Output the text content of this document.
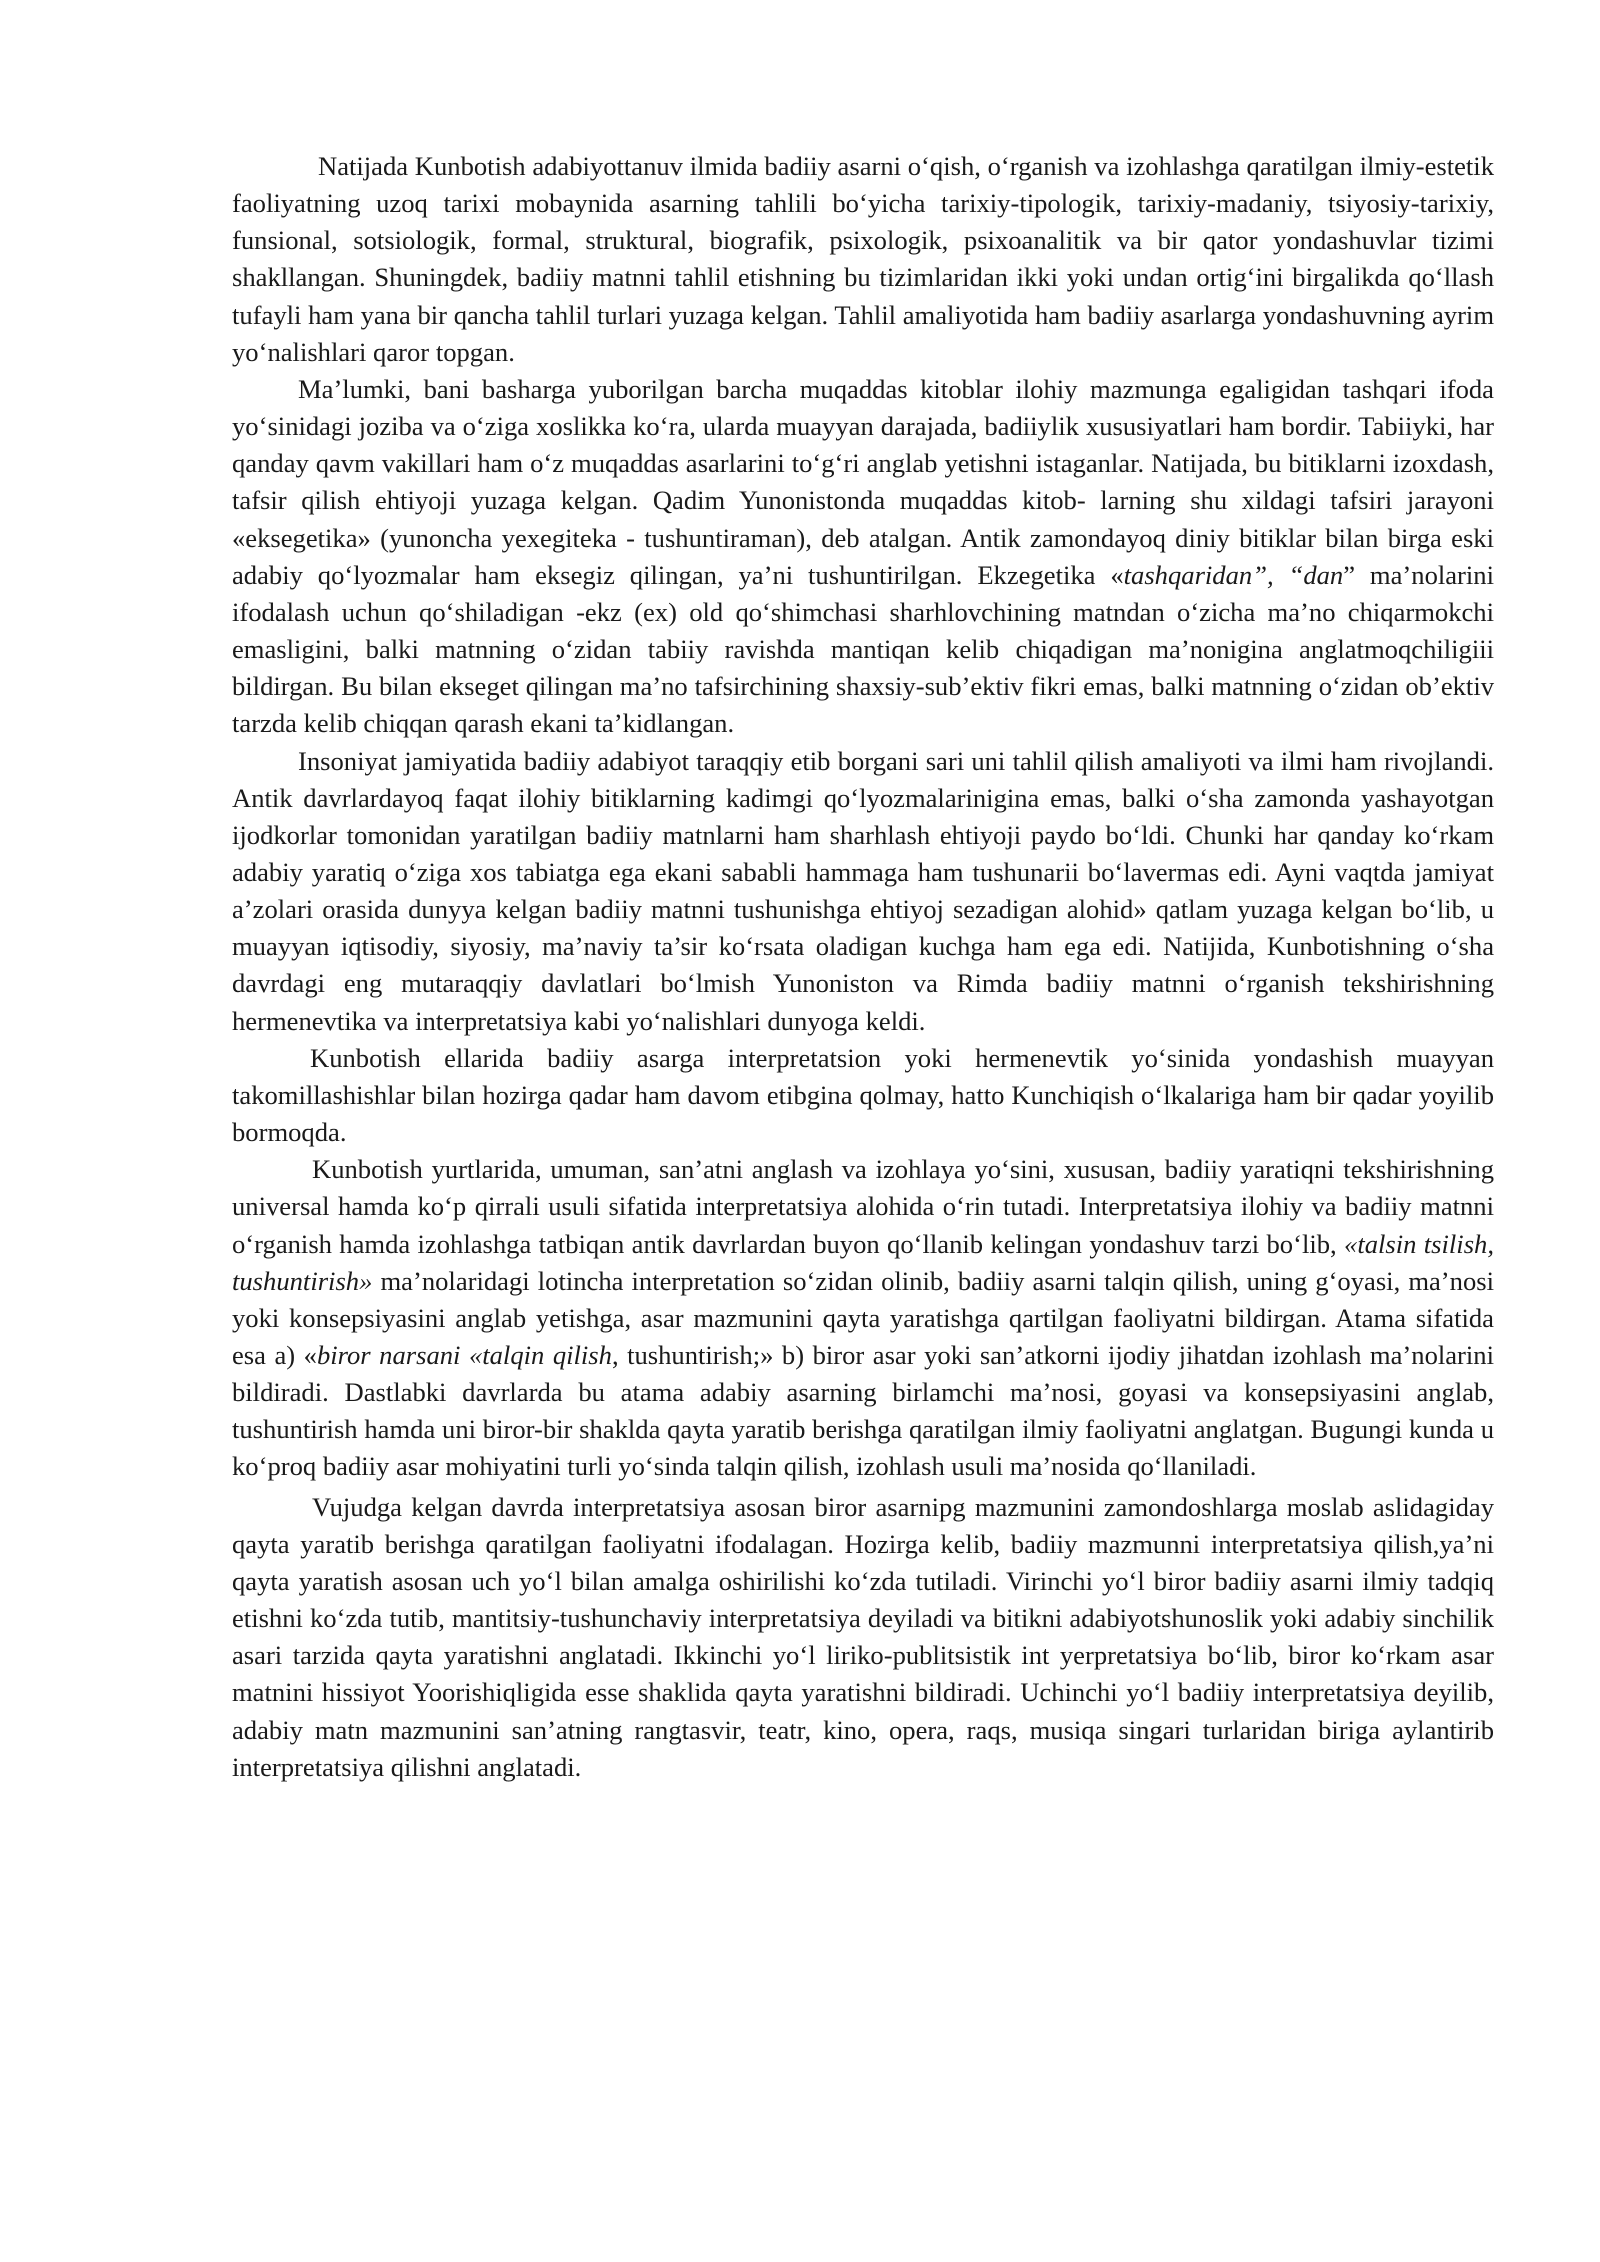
Natijada Kunbotish adabiyottanuv ilmida badiiy asarni o‘qish, o‘rganish va izohlashga qaratilgan ilmiy-estetik faoliyatning uzoq tarixi mobaynida asarning tahlili bo‘yicha tarixiy-tipologik, tarixiy-madaniy, tsiyosiy-tarixiy, funsional, sotsiologik, formal, struktural, biografik, psixologik, psixoanalitik va bir qator yondashuvlar tizimi shakllangan. Shuningdek, badiiy matnni tahlil etishning bu tizimlaridan ikki yoki undan ortig‘ini birgalikda qo‘llash tufayli ham yana bir qancha tahlil turlari yuzaga kelgan. Tahlil amaliyotida ham badiiy asarlarga yondashuvning ayrim yo‘nalishlari qaror topgan.

Ma’lumki, bani basharga yuborilgan barcha muqaddas kitoblar ilohiy mazmunga egaligidan tashqari ifoda yo‘sinidagi joziba va o‘ziga xoslikka ko‘ra, ularda muayyan darajada, badiiylik xususiyatlari ham bordir. Tabiiyki, har qanday qavm vakillari ham o‘z muqaddas asarlarini to‘g‘ri anglab yetishni istaganlar. Natijada, bu bitiklarni izoxdash, tafsir qilish ehtiyoji yuzaga kelgan. Qadim Yunonistonda muqaddas kitob- larning shu xildagi tafsiri jarayoni «eksegetika» (yunoncha yexegiteka - tushuntiraman), deb atalgan. Antik zamondayoq diniy bitiklar bilan birga eski adabiy qo‘lyozmalar ham eksegiz qilingan, ya’ni tushuntirilgan. Ekzegetika «tashqaridan”, “dan” ma’nolarini ifodalash uchun qo‘shiladigan -ekz (ex) old qo‘shimchasi sharhlovchining matndan o‘zicha ma’no chiqarmokchi emasligini, balki matnning o‘zidan tabiiy ravishda mantiqan kelib chiqadigan ma’nonigina anglatmoqchiligiii bildirgan. Bu bilan ekseget qilingan ma’no tafsirchining shaxsiy-sub’ektiv fikri emas, balki matnning o‘zidan ob’ektiv tarzda kelib chiqqan qarash ekani ta’kidlangan.

Insoniyat jamiyatida badiiy adabiyot taraqqiy etib borgani sari uni tahlil qilish amaliyoti va ilmi ham rivojlandi. Antik davrlardayoq faqat ilohiy bitiklarning kadimgi qo‘lyozmalarinigina emas, balki o‘sha zamonda yashayotgan ijodkorlar tomonidan yaratilgan badiiy matnlarni ham sharhlash ehtiyoji paydo bo‘ldi. Chunki har qanday ko‘rkam adabiy yaratiq o‘ziga xos tabiatga ega ekani sababli hammaga ham tushunarii bo‘lavermas edi. Ayni vaqtda jamiyat a’zolari orasida dunyya kelgan badiiy matnni tushunishga ehtiyoj sezadigan alohid» qatlam yuzaga kelgan bo‘lib, u muayyan iqtisodiy, siyosiy, ma’naviy ta’sir ko‘rsata oladigan kuchga ham ega edi. Natijida, Kunbotishning o‘sha davrdagi eng mutaraqqiy davlatlari bo‘lmish Yunoniston va Rimda badiiy matnni o‘rganish tekshirishning hermenevtika va interpretatsiya kabi yo‘nalishlari dunyoga keldi.

Kunbotish ellarida badiiy asarga interpretatsion yoki hermenevtik yo‘sinida yondashish muayyan takomillashishlar bilan hozirga qadar ham davom etibgina qolmay, hatto Kunchiqish o‘lkalariga ham bir qadar yoyilib bormoqda.

Kunbotish yurtlarida, umuman, san’atni anglash va izohlaya yo‘sini, xususan, badiiy yaratiqni tekshirishning universal hamda ko‘p qirrali usuli sifatida interpretatsiya alohida o‘rin tutadi. Interpretatsiya ilohiy va badiiy matnni o‘rganish hamda izohlashga tatbiqan antik davrlardan buyon qo‘llanib kelingan yondashuv tarzi bo‘lib, «talsin tsilish, tushuntirish» ma’nolaridagi lotincha interpretation so‘zidan olinib, badiiy asarni talqin qilish, uning g‘oyasi, ma’nosi yoki konsepsiyasini anglab yetishga, asar mazmunini qayta yaratishga qartilgan faoliyatni bildirgan. Atama sifatida esa a) «biror narsani «talqin qilish, tushuntirish;» b) biror asar yoki san’atkorni ijodiy jihatdan izohlash ma’nolarini bildiradi. Dastlabki davrlarda bu atama adabiy asarning birlamchi ma’nosi, goyasi va konsepsiyasini anglab, tushuntirish hamda uni biror-bir shaklda qayta yaratib berishga qaratilgan ilmiy faoliyatni anglatgan. Bugungi kunda u ko‘proq badiiy asar mohiyatini turli yo‘sinda talqin qilish, izohlash usuli ma’nosida qo‘llaniladi.

Vujudga kelgan davrda interpretatsiya asosan biror asarnipg mazmunini zamondoshlarga moslab aslidagiday qayta yaratib berishga qaratilgan faoliyatni ifodalagan. Hozirga kelib, badiiy mazmunni interpretatsiya qilish,ya’ni qayta yaratish asosan uch yo‘l bilan amalga oshirilishi ko‘zda tutiladi. Virinchi yo‘l biror badiiy asarni ilmiy tadqiq etishni ko‘zda tutib, mantitsiy-tushunchaviy interpretatsiya deyiladi va bitikni adabiyotshunoslik yoki adabiy sinchilik asari tarzida qayta yaratishni anglatadi. Ikkinchi yo‘l liriko-publitsistik int yerpretatsiya bo‘lib, biror ko‘rkam asar matnini hissiyot Yoorishiqligida esse shaklida qayta yaratishni bildiradi. Uchinchi yo‘l badiiy interpretatsiya deyilib, adabiy matn mazmunini san’atning rangtasvir, teatr, kino, opera, raqs, musiqa singari turlaridan biriga aylantirib interpretatsiya qilishni anglatadi.
